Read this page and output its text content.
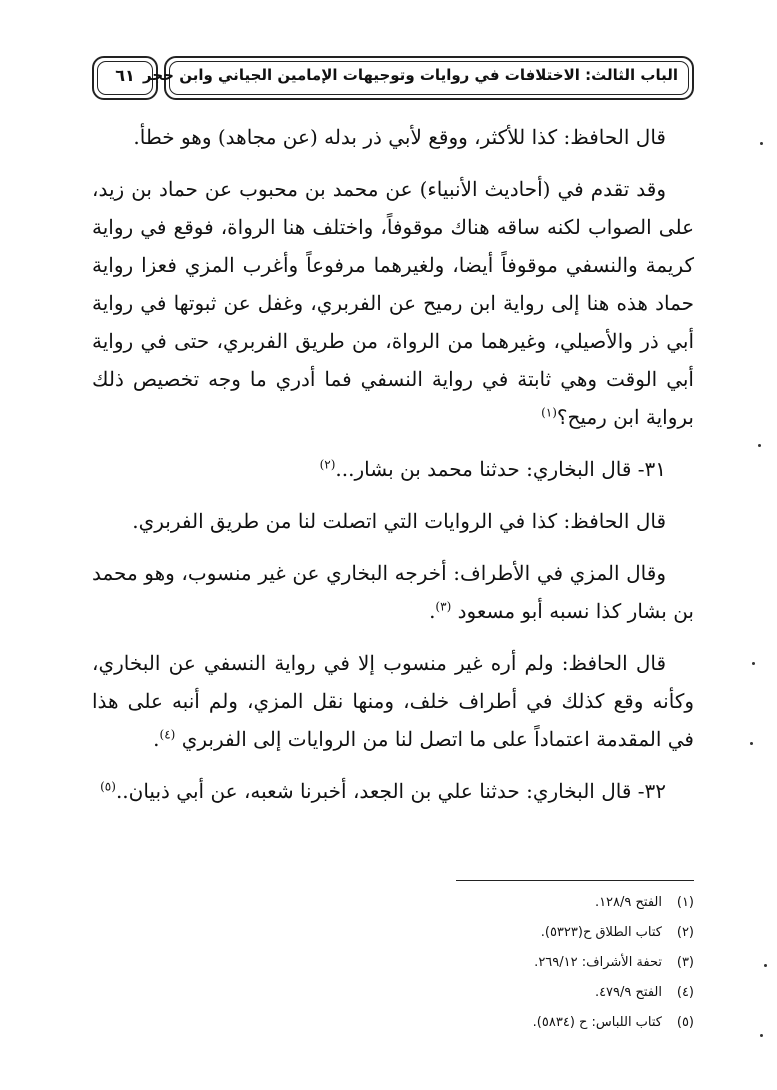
الباب الثالث: الاختلافات في روايات وتوجيهات الإمامين الجياني وابن حجر
٦١

قال الحافظ: كذا للأكثر، ووقع لأبي ذر بدله (عن مجاهد) وهو خطأ.

وقد تقدم في (أحاديث الأنبياء) عن محمد بن محبوب عن حماد بن زيد، على الصواب لكنه ساقه هناك موقوفاً، واختلف هنا الرواة، فوقع في رواية كريمة والنسفي موقوفاً أيضا، ولغيرهما مرفوعاً وأغرب المزي فعزا رواية حماد هذه هنا إلى رواية ابن رميح عن الفربري، وغفل عن ثبوتها في رواية أبي ذر والأصيلي، وغيرهما من الرواة، من طريق الفربري، حتى في رواية أبي الوقت وهي ثابتة في رواية النسفي فما أدري ما وجه تخصيص ذلك برواية ابن رميح؟$^{(١)}$

٣١- قال البخاري: حدثنا محمد بن بشار...$^{(٢)}$

قال الحافظ: كذا في الروايات التي اتصلت لنا من طريق الفربري.

وقال المزي في الأطراف: أخرجه البخاري عن غير منسوب، وهو محمد بن بشار كذا نسبه أبو مسعود $^{(٣)}$.

قال الحافظ: ولم أره غير منسوب إلا في رواية النسفي عن البخاري، وكأنه وقع كذلك في أطراف خلف، ومنها نقل المزي، ولم أنبه على هذا في المقدمة اعتماداً على ما اتصل لنا من الروايات إلى الفربري $^{(٤)}$.

٣٢- قال البخاري: حدثنا علي بن الجعد، أخبرنا شعبه، عن أبي ذبيان..$^{(٥)}$

(١)الفتح ١٢٨/٩.
(٢)كتاب الطلاق ح(٥٣٢٣).
(٣)تحفة الأشراف: ٢٦٩/١٢.
(٤)الفتح ٤٧٩/٩.
(٥)كتاب اللباس: ح (٥٨٣٤).
